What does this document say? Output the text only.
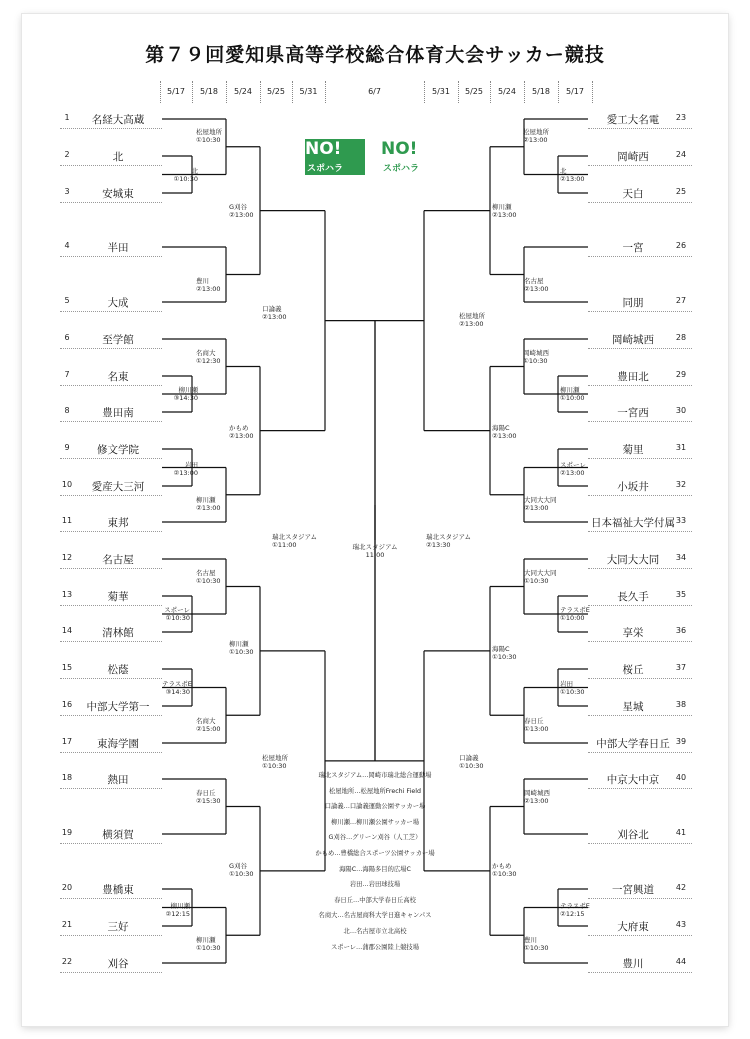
第７９回愛知県高等学校総合体育大会サッカー競技
5/17	5/18	5/24	5/25	5/31	6/7	5/31	5/25	5/24	5/18	5/17
NO!
スポハラ
NO!
スポハラ
1	名経大高蔵
2	北
3	安城東
4	半田
5	大成
6	至学館
7	名東
8	豊田南
9	修文学院
10	愛産大三河
11	東邦
12	名古屋
13	菊華
14	清林館
15	松蔭
16	中部大学第一
17	東海学園
18	熱田
19	横須賀
20	豊橋東
21	三好
22	刈谷
愛工大名電	23
岡崎西	24
天白	25
一宮	26
同朋	27
岡崎城西	28
豊田北	29
一宮西	30
菊里	31
小坂井	32
日本福祉大学付属 33
大同大大同	34
長久手	35
享栄	36
桜丘	37
星城	38
中部大学春日丘 39
中京大中京	40
刈谷北	41
一宮興道	42
大府東	43
豊川	44
北
①10:30
松屋地所
①10:30
豊川
②13:00
G刈谷
②13:00
柳川瀬
③14:30
名商大
①12:30
岩田
②13:00
柳川瀬
②13:00
かもめ
②13:00
口論義
②13:00
スポーレ
①10:30
名古屋
①10:30
テラスポE
③14:30
名商大
②15:00
柳川瀬
①10:30
春日丘
②15:30
柳川瀬
②12:15
柳川瀬
①10:30
G刈谷
①10:30
松屋地所
①10:30
瑞北スタジアム
①11:00
北
②13:00
松屋地所
②13:00
名古屋
②13:00
柳川瀬
②13:00
柳川瀬
①10:00
岡崎城西
①10:30
スポーレ
②13:00
大同大大同
②13:00
海陽C
②13:00
松屋地所
②13:00
テラスポE
①10:00
大同大大同
①10:30
岩田
①10:30
春日丘
①13:00
海陽C
①10:30
岡崎城西
②13:00
テラスポE
②12:15
豊川
①10:30
かもめ
①10:30
口論義
①10:30
瑞北スタジアム
②13:30
瑞北スタジアム
11:00
瑞北スタジアム…岡崎市瑞北総合運動場
松屋地所…松屋地所Frechi Field
口論義…口論義運動公園サッカー場
柳川瀬…柳川瀬公園サッカー場
G刈谷…グリーン刈谷（人工芝）
かもめ…豊橋総合スポーツ公園サッカー場
海陽C…海陽多目的広場C
岩田…岩田球技場
春日丘…中部大学春日丘高校
名商大…名古屋商科大学日進キャンパス
北…名古屋市立北高校
スポーレ…蒲郡公園陸上競技場
